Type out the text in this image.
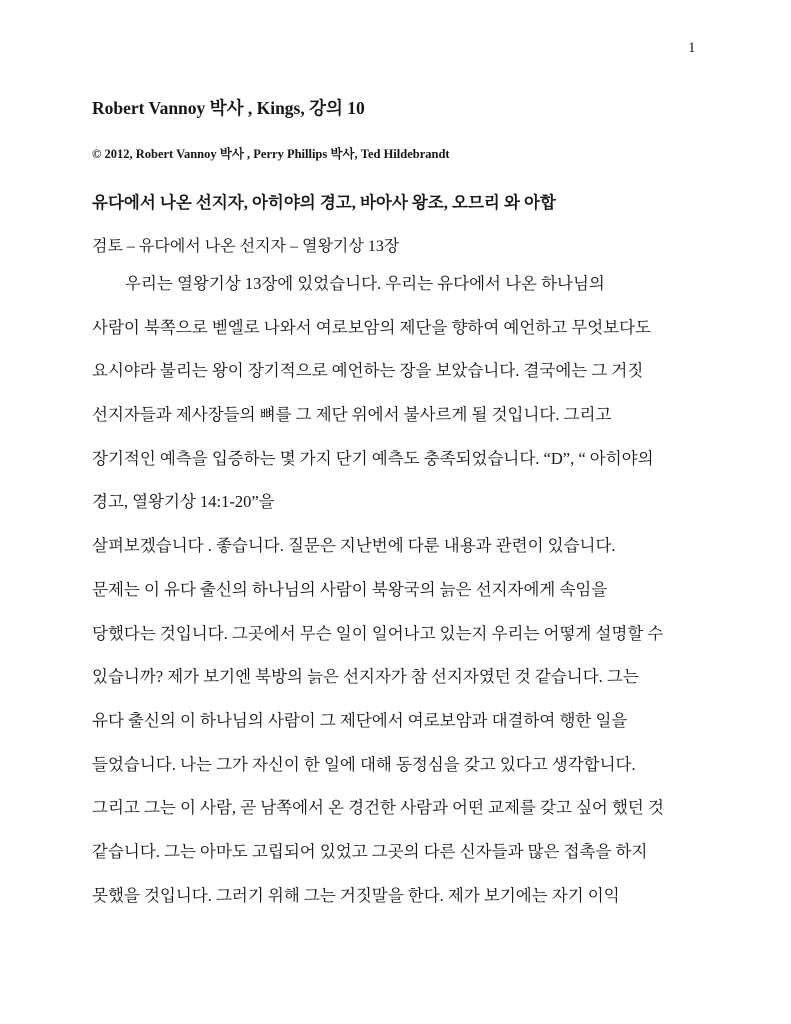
1
Robert Vannoy 박사 , Kings, 강의 10
© 2012, Robert Vannoy 박사 , Perry Phillips 박사, Ted Hildebrandt
유다에서 나온 선지자, 아히야의 경고, 바아사 왕조, 오므리 와 아합
검토 – 유다에서 나온 선지자 – 열왕기상 13장
우리는 열왕기상 13장에 있었습니다. 우리는 유다에서 나온 하나님의
사람이 북쪽으로 벧엘로 나와서 여로보암의 제단을 향하여 예언하고 무엇보다도
요시야라 불리는 왕이 장기적으로 예언하는 장을 보았습니다. 결국에는 그 거짓
선지자들과 제사장들의 뼈를 그 제단 위에서 불사르게 될 것입니다. 그리고
장기적인 예측을 입증하는 몇 가지 단기 예측도 충족되었습니다. “D”, “ 아히야의
경고, 열왕기상 14:1-20”을
살펴보겠습니다 . 좋습니다. 질문은 지난번에 다룬 내용과 관련이 있습니다.
문제는 이 유다 출신의 하나님의 사람이 북왕국의 늙은 선지자에게 속임을
당했다는 것입니다. 그곳에서 무슨 일이 일어나고 있는지 우리는 어떻게 설명할 수
있습니까? 제가 보기엔 북방의 늙은 선지자가 참 선지자였던 것 같습니다. 그는
유다 출신의 이 하나님의 사람이 그 제단에서 여로보암과 대결하여 행한 일을
들었습니다. 나는 그가 자신이 한 일에 대해 동정심을 갖고 있다고 생각합니다.
그리고 그는 이 사람, 곧 남쪽에서 온 경건한 사람과 어떤 교제를 갖고 싶어 했던 것
같습니다. 그는 아마도 고립되어 있었고 그곳의 다른 신자들과 많은 접촉을 하지
못했을 것입니다. 그러기 위해 그는 거짓말을 한다. 제가 보기에는 자기 이익
